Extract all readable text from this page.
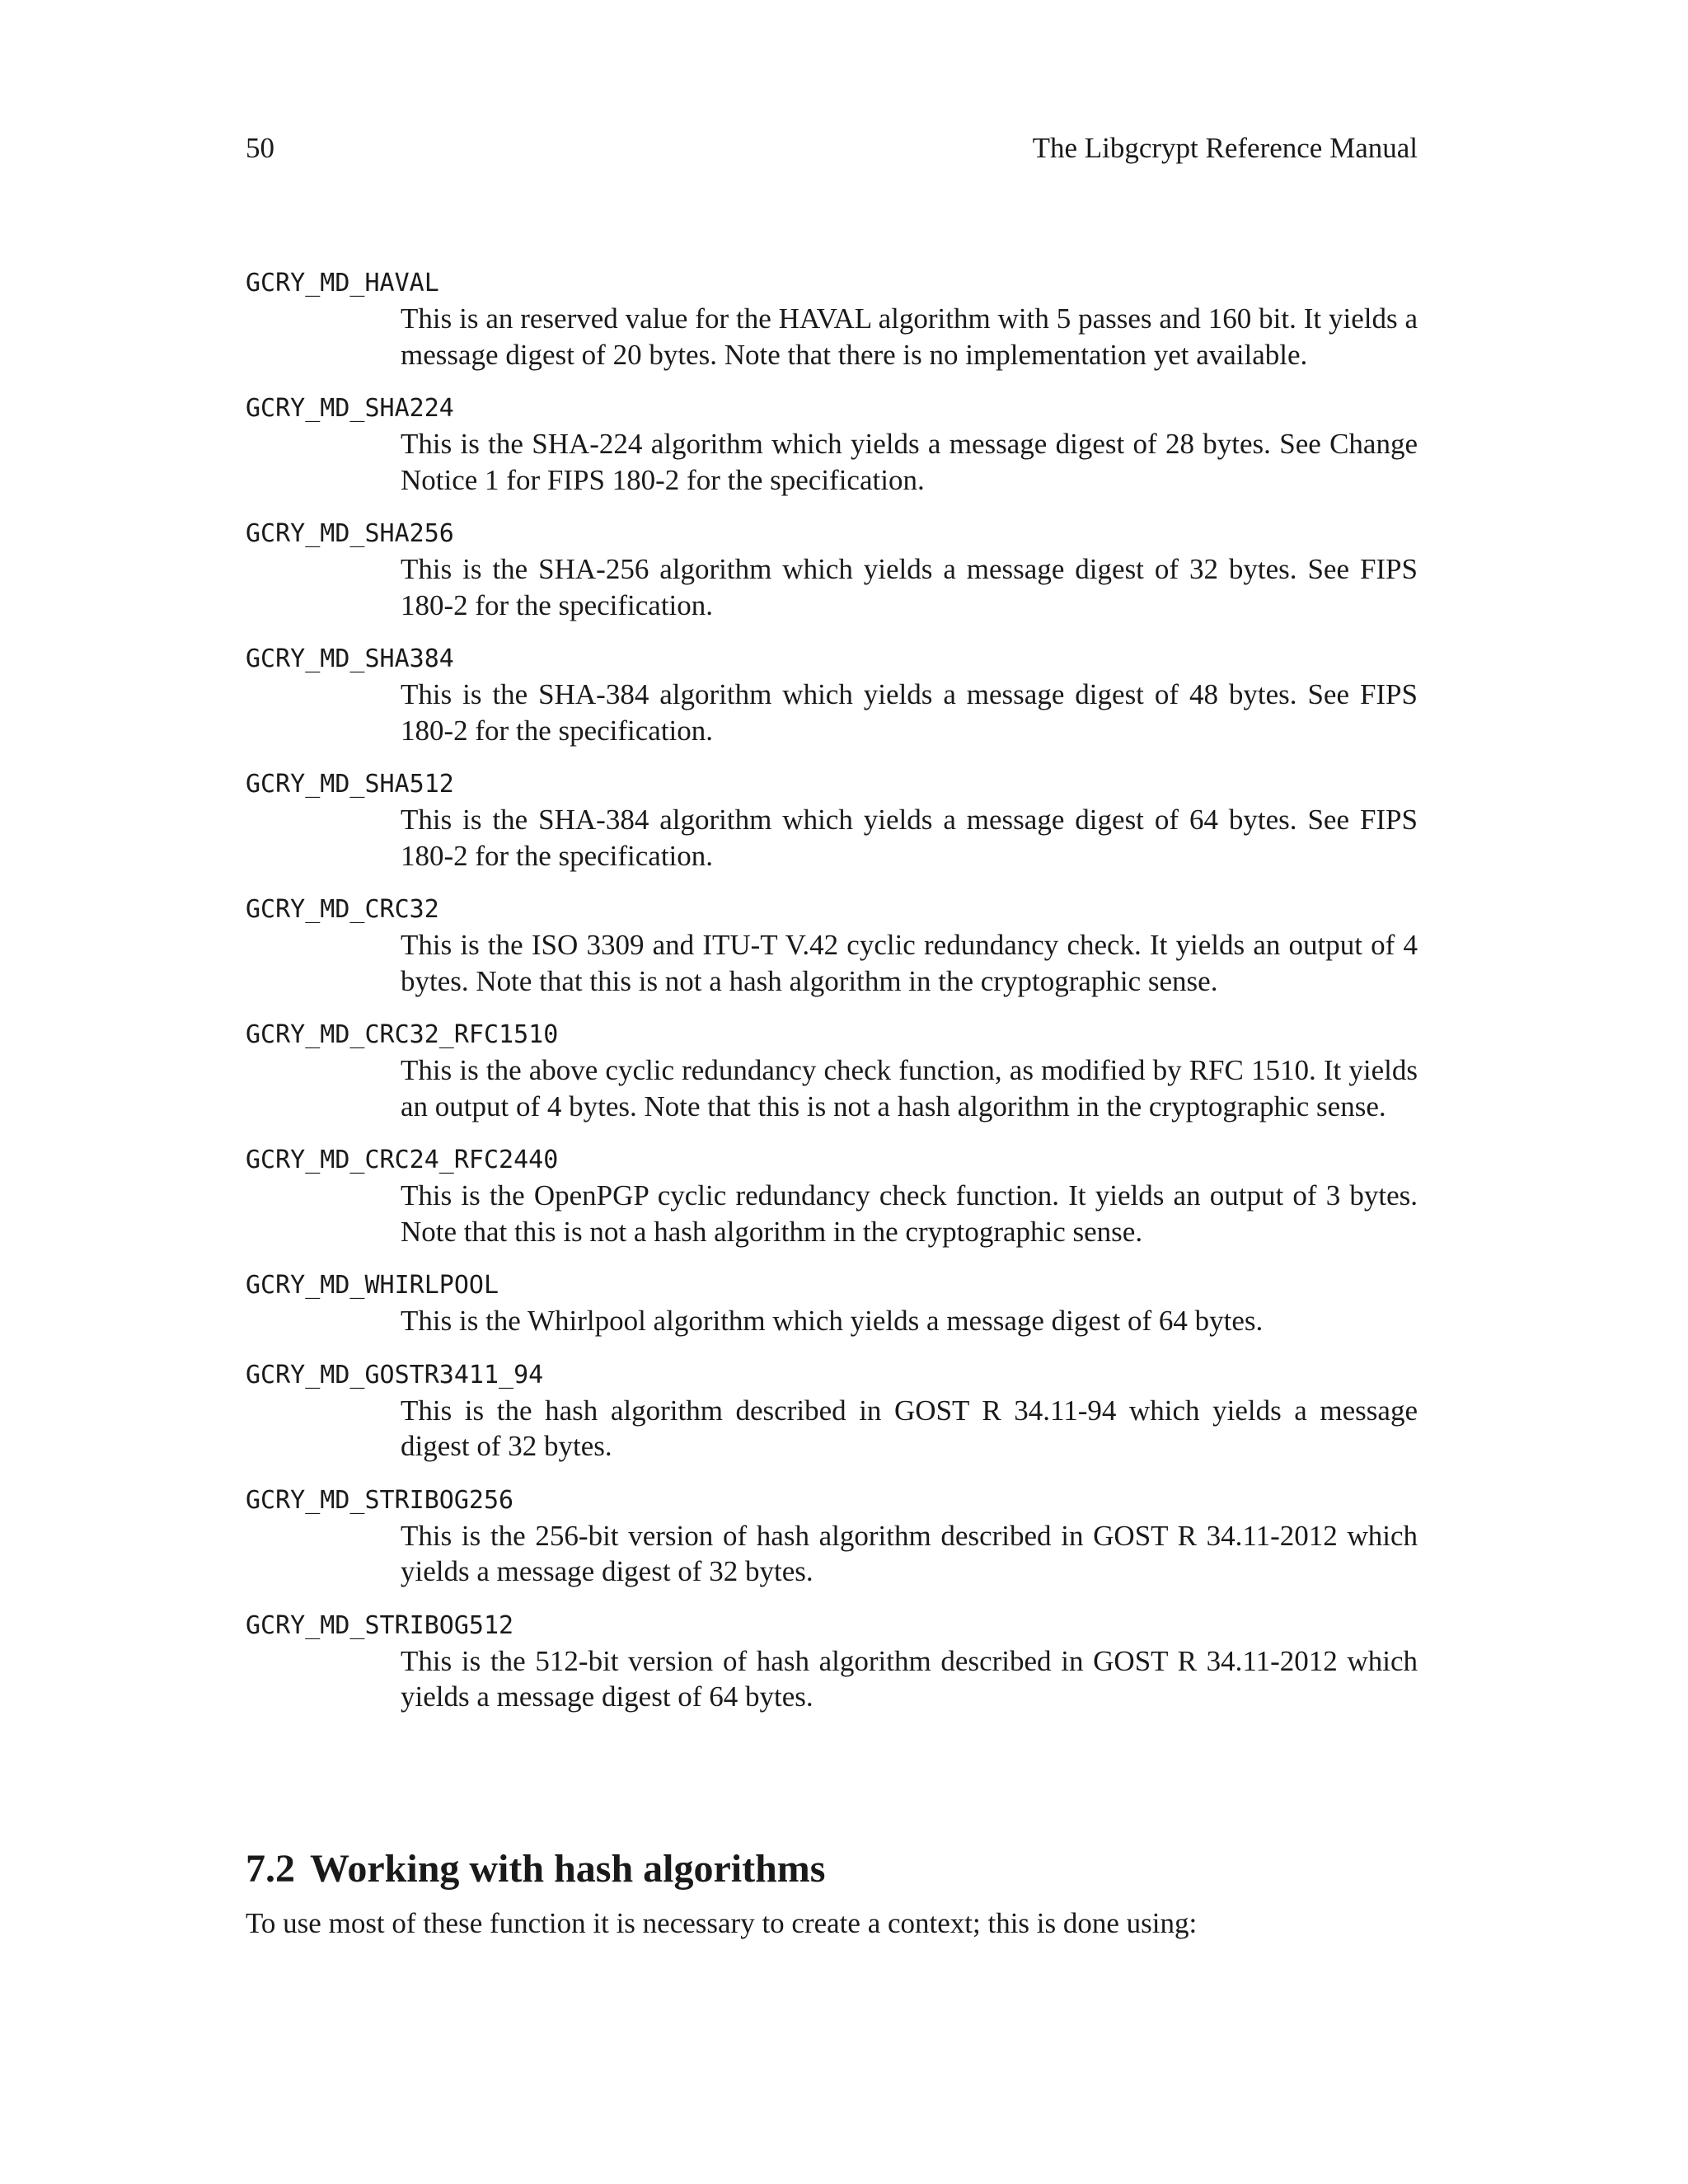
50	The Libgcrypt Reference Manual
GCRY_MD_HAVAL
This is an reserved value for the HAVAL algorithm with 5 passes and 160 bit. It yields a message digest of 20 bytes. Note that there is no implementation yet available.
GCRY_MD_SHA224
This is the SHA-224 algorithm which yields a message digest of 28 bytes. See Change Notice 1 for FIPS 180-2 for the specification.
GCRY_MD_SHA256
This is the SHA-256 algorithm which yields a message digest of 32 bytes. See FIPS 180-2 for the specification.
GCRY_MD_SHA384
This is the SHA-384 algorithm which yields a message digest of 48 bytes. See FIPS 180-2 for the specification.
GCRY_MD_SHA512
This is the SHA-384 algorithm which yields a message digest of 64 bytes. See FIPS 180-2 for the specification.
GCRY_MD_CRC32
This is the ISO 3309 and ITU-T V.42 cyclic redundancy check. It yields an output of 4 bytes. Note that this is not a hash algorithm in the cryptographic sense.
GCRY_MD_CRC32_RFC1510
This is the above cyclic redundancy check function, as modified by RFC 1510. It yields an output of 4 bytes. Note that this is not a hash algorithm in the cryptographic sense.
GCRY_MD_CRC24_RFC2440
This is the OpenPGP cyclic redundancy check function. It yields an output of 3 bytes. Note that this is not a hash algorithm in the cryptographic sense.
GCRY_MD_WHIRLPOOL
This is the Whirlpool algorithm which yields a message digest of 64 bytes.
GCRY_MD_GOSTR3411_94
This is the hash algorithm described in GOST R 34.11-94 which yields a message digest of 32 bytes.
GCRY_MD_STRIBOG256
This is the 256-bit version of hash algorithm described in GOST R 34.11-2012 which yields a message digest of 32 bytes.
GCRY_MD_STRIBOG512
This is the 512-bit version of hash algorithm described in GOST R 34.11-2012 which yields a message digest of 64 bytes.
7.2 Working with hash algorithms
To use most of these function it is necessary to create a context; this is done using:
